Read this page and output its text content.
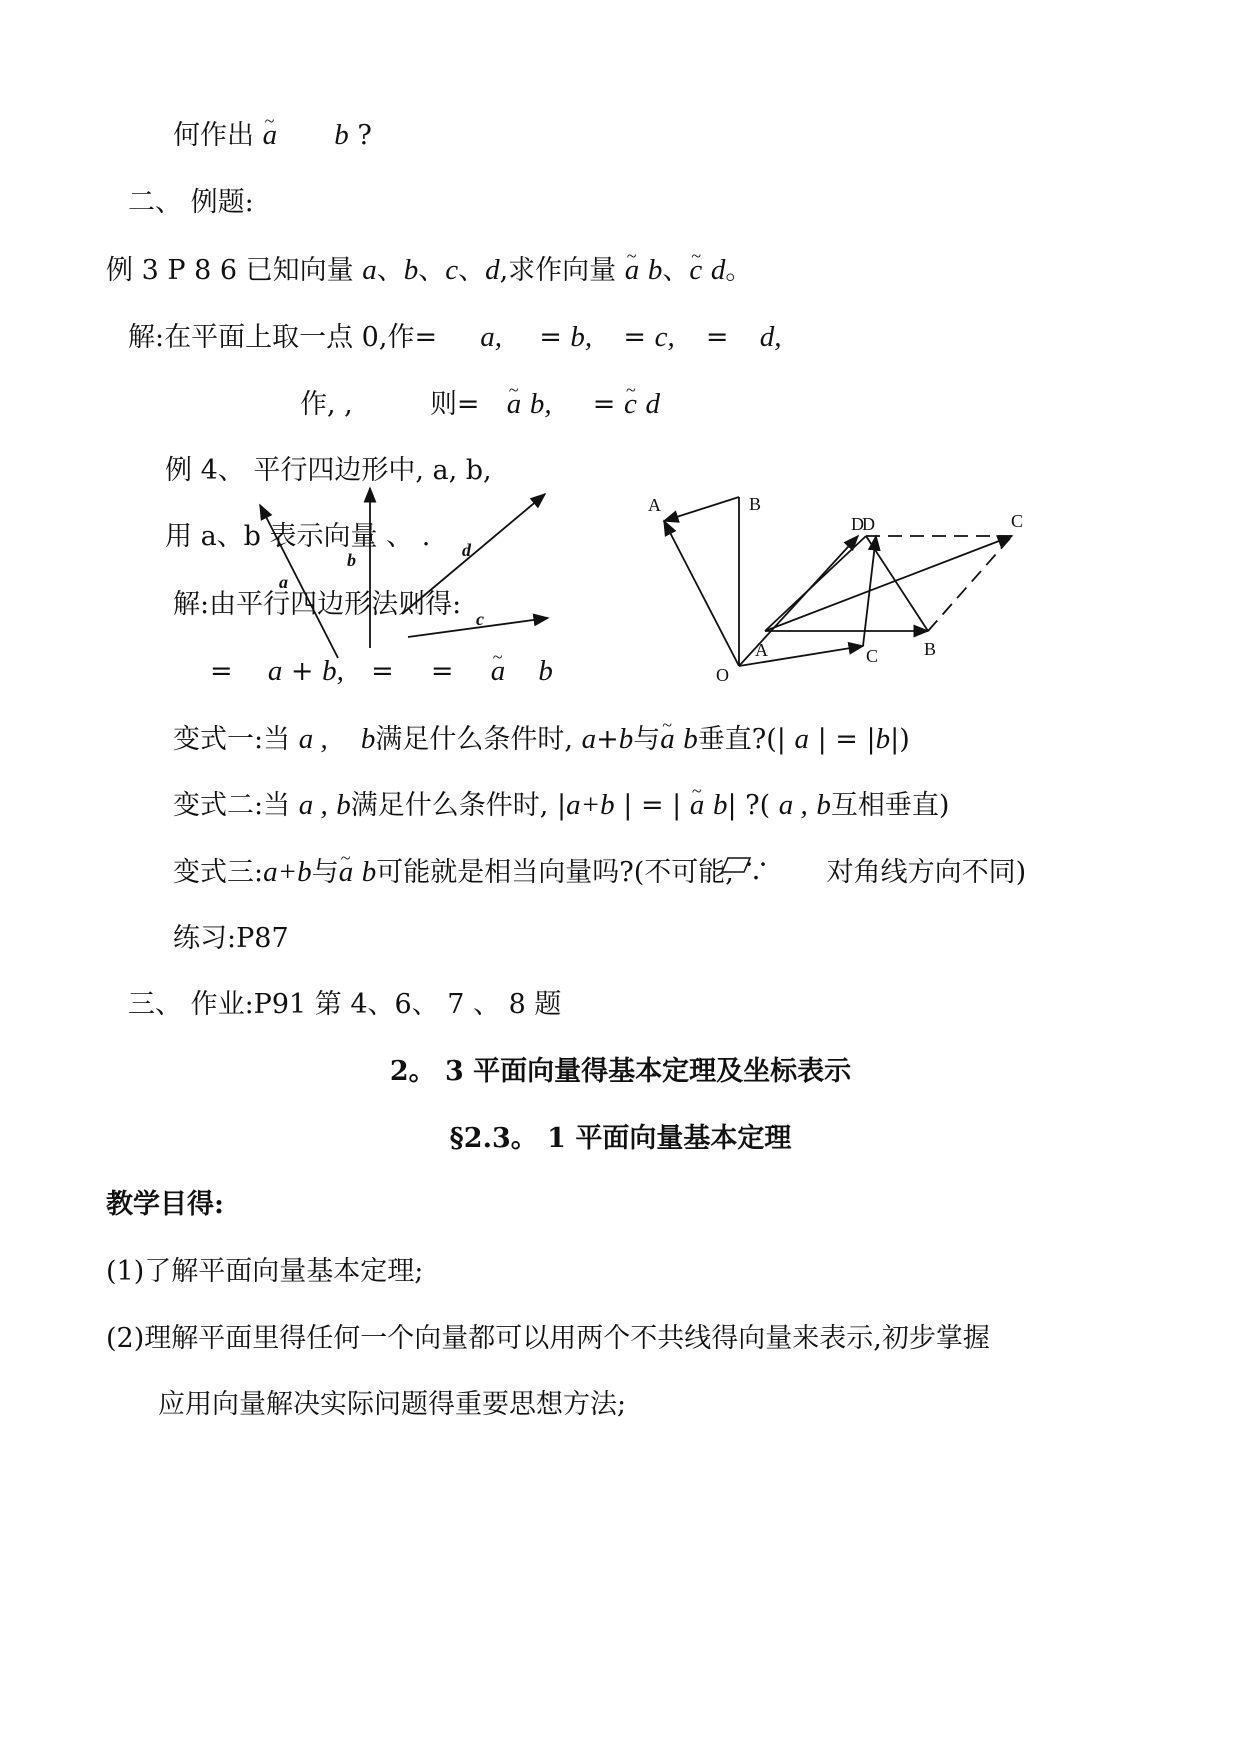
何作出 ~ a b ?
二、 例题:
例 3 P 8 6 已知向量 a、b、c、d,求作向量 ~ a b、~ c d。
解:在平面上取一点 0,作= a, = b, = c, = d,
作, ,	则= ~ a b, = ~ c d
例 4、 平行四边形中, a, b,
用 a、b 表示向量 、 .
解:由平行四边形法则得:
= a + b, = = ~ a b
变式一:当 a , b满足什么条件时, a+b与~ a b垂直?(| a | = |b|)
变式二:当 a , b满足什么条件时, |a+b | = | ~ a b| ?( a , b互相垂直)
变式三:a+b与~ a b可能就是相当向量吗?(不可能, ∵ 对角线方向不同)
练习:P87
三、 作业:P91 第 4、6、 7 、 8 题
2。 3 平面向量得基本定理及坐标表示
§2.3。 1 平面向量基本定理
教学目得:
(1)了解平面向量基本定理;
(2)理解平面里得任何一个向量都可以用两个不共线得向量来表示,初步掌握
应用向量解决实际问题得重要思想方法;
a
b	d
c
A	B
D
D	C
A	C	B
O
